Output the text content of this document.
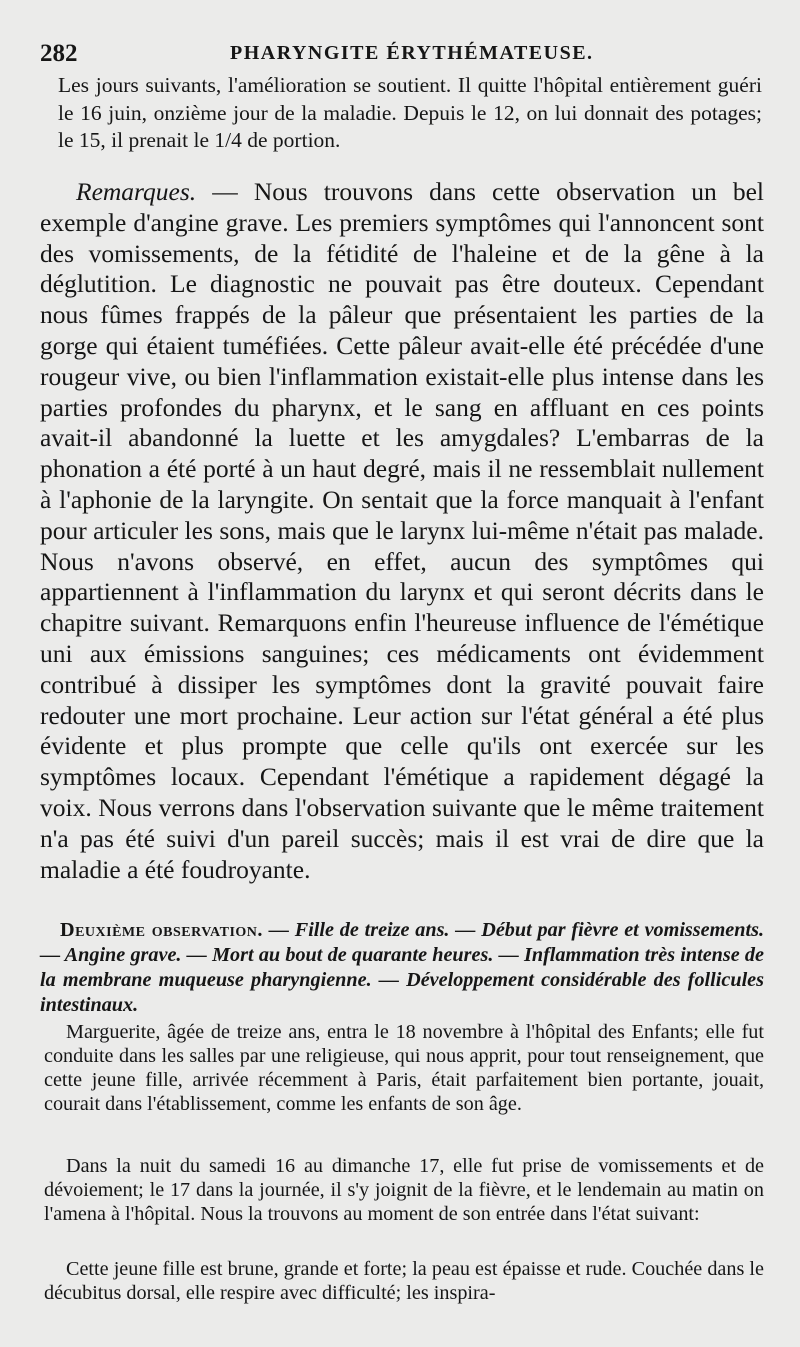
282	PHARYNGITE ÉRYTHÉMATEUSE.

Les jours suivants, l'amélioration se soutient. Il quitte l'hôpital entièrement guéri le 16 juin, onzième jour de la maladie. Depuis le 12, on lui donnait des potages; le 15, il prenait le 1/4 de portion.

Remarques. — Nous trouvons dans cette observation un bel exemple d'angine grave. Les premiers symptômes qui l'annoncent sont des vomissements, de la fétidité de l'haleine et de la gêne à la déglutition. Le diagnostic ne pouvait pas être douteux. Cependant nous fûmes frappés de la pâleur que présentaient les parties de la gorge qui étaient tuméfiées. Cette pâleur avait-elle été précédée d'une rougeur vive, ou bien l'inflammation existait-elle plus intense dans les parties profondes du pharynx, et le sang en affluant en ces points avait-il abandonné la luette et les amygdales? L'embarras de la phonation a été porté à un haut degré, mais il ne ressemblait nullement à l'aphonie de la laryngite. On sentait que la force manquait à l'enfant pour articuler les sons, mais que le larynx lui-même n'était pas malade. Nous n'avons observé, en effet, aucun des symptômes qui appartiennent à l'inflammation du larynx et qui seront décrits dans le chapitre suivant. Remarquons enfin l'heureuse influence de l'émétique uni aux émissions sanguines; ces médicaments ont évidemment contribué à dissiper les symptômes dont la gravité pouvait faire redouter une mort prochaine. Leur action sur l'état général a été plus évidente et plus prompte que celle qu'ils ont exercée sur les symptômes locaux. Cependant l'émétique a rapidement dégagé la voix. Nous verrons dans l'observation suivante que le même traitement n'a pas été suivi d'un pareil succès; mais il est vrai de dire que la maladie a été foudroyante.

Deuxième observation. — Fille de treize ans. — Début par fièvre et vomissements. — Angine grave. — Mort au bout de quarante heures. — Inflammation très intense de la membrane muqueuse pharyngienne. — Développement considérable des follicules intestinaux.

Marguerite, âgée de treize ans, entra le 18 novembre à l'hôpital des Enfants; elle fut conduite dans les salles par une religieuse, qui nous apprit, pour tout renseignement, que cette jeune fille, arrivée récemment à Paris, était parfaitement bien portante, jouait, courait dans l'établissement, comme les enfants de son âge.

Dans la nuit du samedi 16 au dimanche 17, elle fut prise de vomissements et de dévoiement; le 17 dans la journée, il s'y joignit de la fièvre, et le lendemain au matin on l'amena à l'hôpital. Nous la trouvons au moment de son entrée dans l'état suivant:

Cette jeune fille est brune, grande et forte; la peau est épaisse et rude. Couchée dans le décubitus dorsal, elle respire avec difficulté; les inspira-
